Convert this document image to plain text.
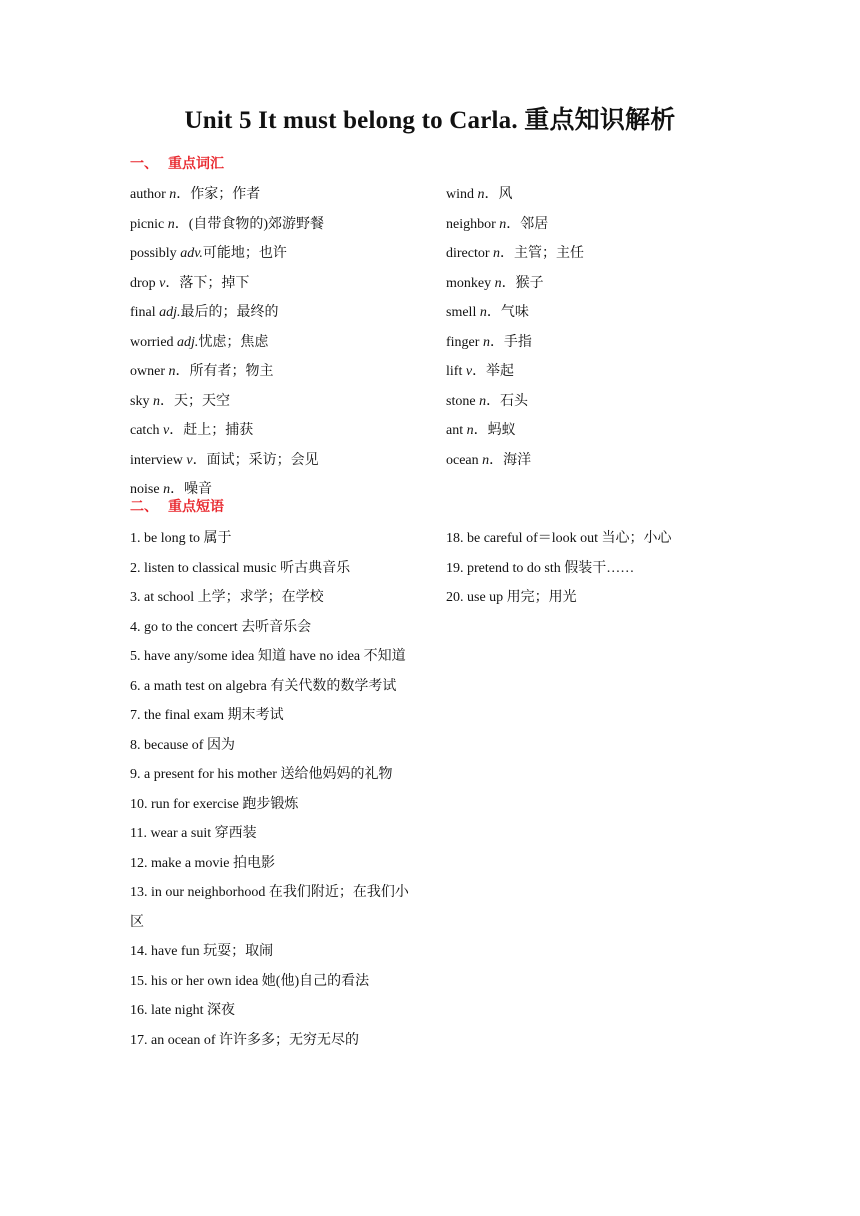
Unit 5 It must belong to Carla. 重点知识解析
一、 重点词汇
author n．作家；作者
picnic n．(自带食物的)郊游野餐
possibly adv.可能地；也许
drop v．落下；掉下
final adj.最后的；最终的
worried adj.忧虑；焦虑
owner n．所有者；物主
sky n．天；天空
catch v．赶上；捕获
interview v．面试；采访；会见
noise n．噪音
wind n．风
neighbor n．邻居
director n．主管；主任
monkey n．猴子
smell n．气味
finger n．手指
lift v．举起
stone n．石头
ant n．蚂蚁
ocean n．海洋
二、 重点短语
1. be long to 属于
2. listen to classical music 听古典音乐
3. at school 上学；求学；在学校
4. go to the concert 去听音乐会
5. have any/some idea 知道 have no idea 不知道
6. a math test on algebra 有关代数的数学考试
7. the final exam 期末考试
8. because of 因为
9. a present for his mother 送给他妈妈的礼物
10. run for exercise 跑步锻炼
11. wear a suit 穿西装
12. make a movie 拍电影
13. in our neighborhood 在我们附近；在我们小区
14. have fun 玩耍；取闹
15. his or her own idea 她(他)自己的看法
16. late night 深夜
17. an ocean of 许许多多；无穷无尽的
18. be careful of＝look out 当心；小心
19. pretend to do sth 假装干……
20. use up 用完；用光
